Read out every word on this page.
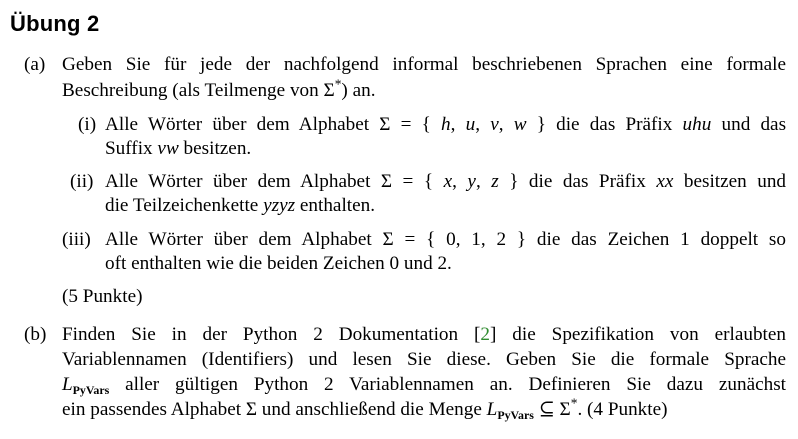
Übung 2
(a) Geben Sie für jede der nachfolgend informal beschriebenen Sprachen eine formale
Beschreibung (als Teilmenge von Σ*) an.
(i) Alle Wörter über dem Alphabet Σ = { h, u, v, w } die das Präfix uhu und das
Suffix vw besitzen.
(ii) Alle Wörter über dem Alphabet Σ = { x, y, z } die das Präfix xx besitzen und
die Teilzeichenkette yzyz enthalten.
(iii) Alle Wörter über dem Alphabet Σ = { 0, 1, 2 } die das Zeichen 1 doppelt so
oft enthalten wie die beiden Zeichen 0 und 2.
(5 Punkte)
(b) Finden Sie in der Python 2 Dokumentation [2] die Spezifikation von erlaubten
Variablennamen (Identifiers) und lesen Sie diese. Geben Sie die formale Sprache
$L_{PyVars}$ aller gültigen Python 2 Variablennamen an. Definieren Sie dazu zunächst
ein passendes Alphabet Σ und anschließend die Menge $L_{PyVars}$ ⊆ Σ*. (4 Punkte)
